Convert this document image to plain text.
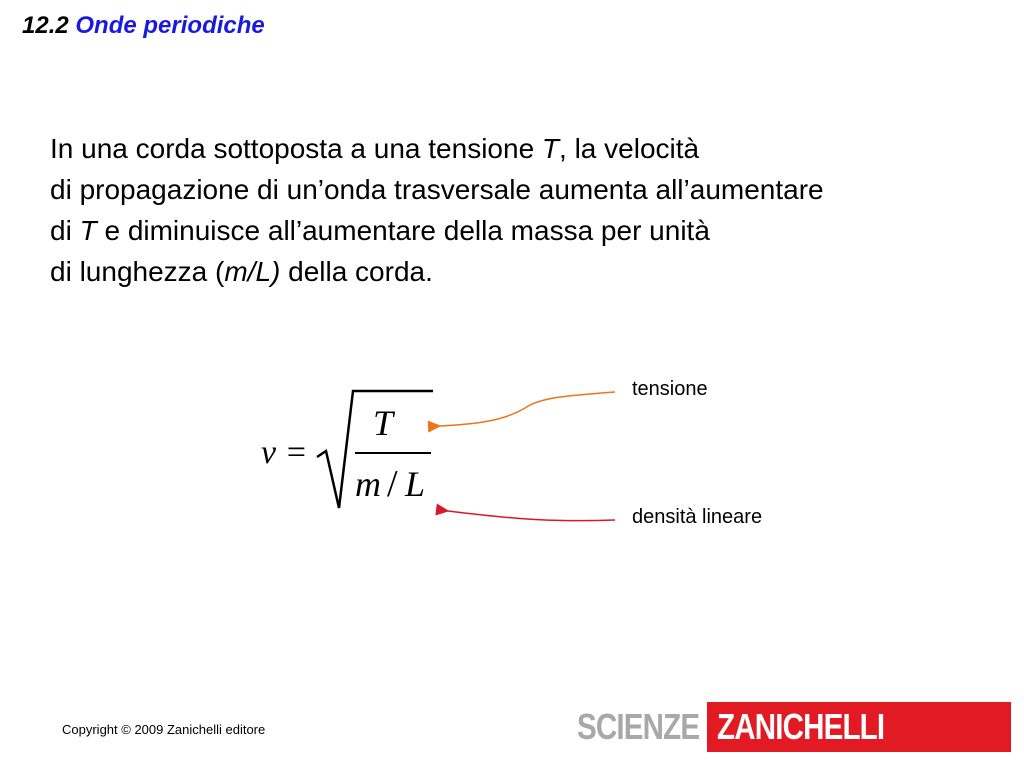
12.2 Onde periodiche
In una corda sottoposta a una tensione T, la velocità
di propagazione di un’onda trasversale aumenta all’aumentare
di T e diminuisce all’aumentare della massa per unità
di lunghezza (m/L) della corda.
v =
T
m / L
tensione
densità lineare
Copyright © 2009 Zanichelli editore	SCIENZE ZANICHELLI
